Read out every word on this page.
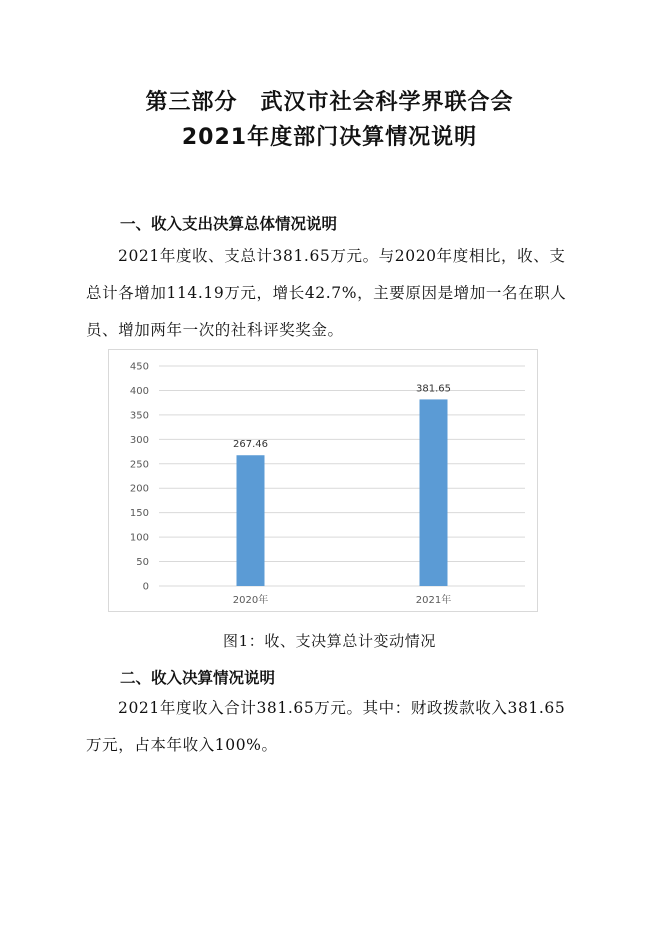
第三部分　武汉市社会科学界联合会
2021年度部门决算情况说明
一、收入支出决算总体情况说明

2021年度收、支总计381.65万元。与2020年度相比，收、支总计各增加114.19万元，增长42.7%，主要原因是增加一名在职人员、增加两年一次的社科评奖奖金。

0
50
100
150
200
250
300
350
400
450
267.46
2020年
381.65
2021年
图1：收、支决算总计变动情况
二、收入决算情况说明

2021年度收入合计381.65万元。其中：财政拨款收入381.65万元，占本年收入100%。
